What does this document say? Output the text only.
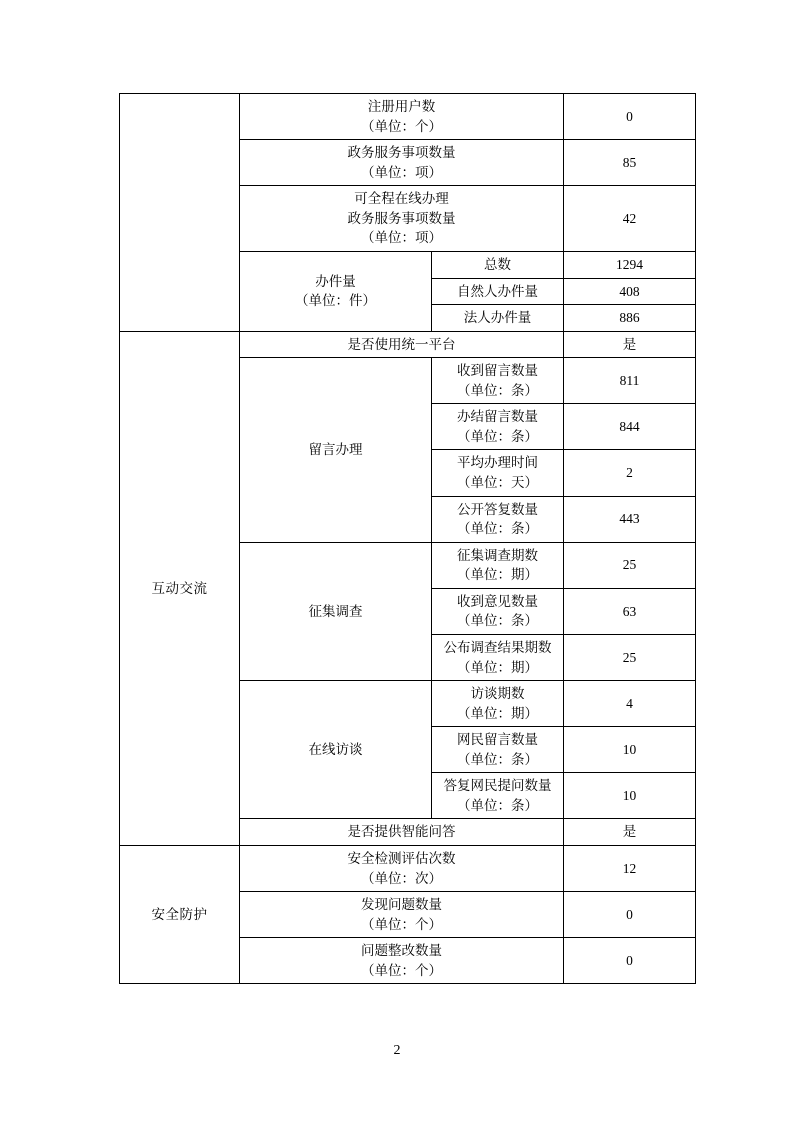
	注册用户数
（单位：个）		0
	政务服务事项数量
（单位：项）		85
	可全程在线办理
政务服务事项数量
（单位：项）		42
	办件量
（单位：件）	总数	1294
		自然人办件量	408
		法人办件量	886
互动交流	是否使用统一平台		是
	留言办理	收到留言数量
（单位：条）	811
		办结留言数量
（单位：条）	844
		平均办理时间
（单位：天）	2
		公开答复数量
（单位：条）	443
	征集调查	征集调查期数
（单位：期）	25
		收到意见数量
（单位：条）	63
		公布调查结果期数
（单位：期）	25
	在线访谈	访谈期数
（单位：期）	4
		网民留言数量
（单位：条）	10
		答复网民提问数量
（单位：条）	10
	是否提供智能问答		是
安全防护	安全检测评估次数
（单位：次）		12
	发现问题数量
（单位：个）		0
	问题整改数量
（单位：个）		0
2
